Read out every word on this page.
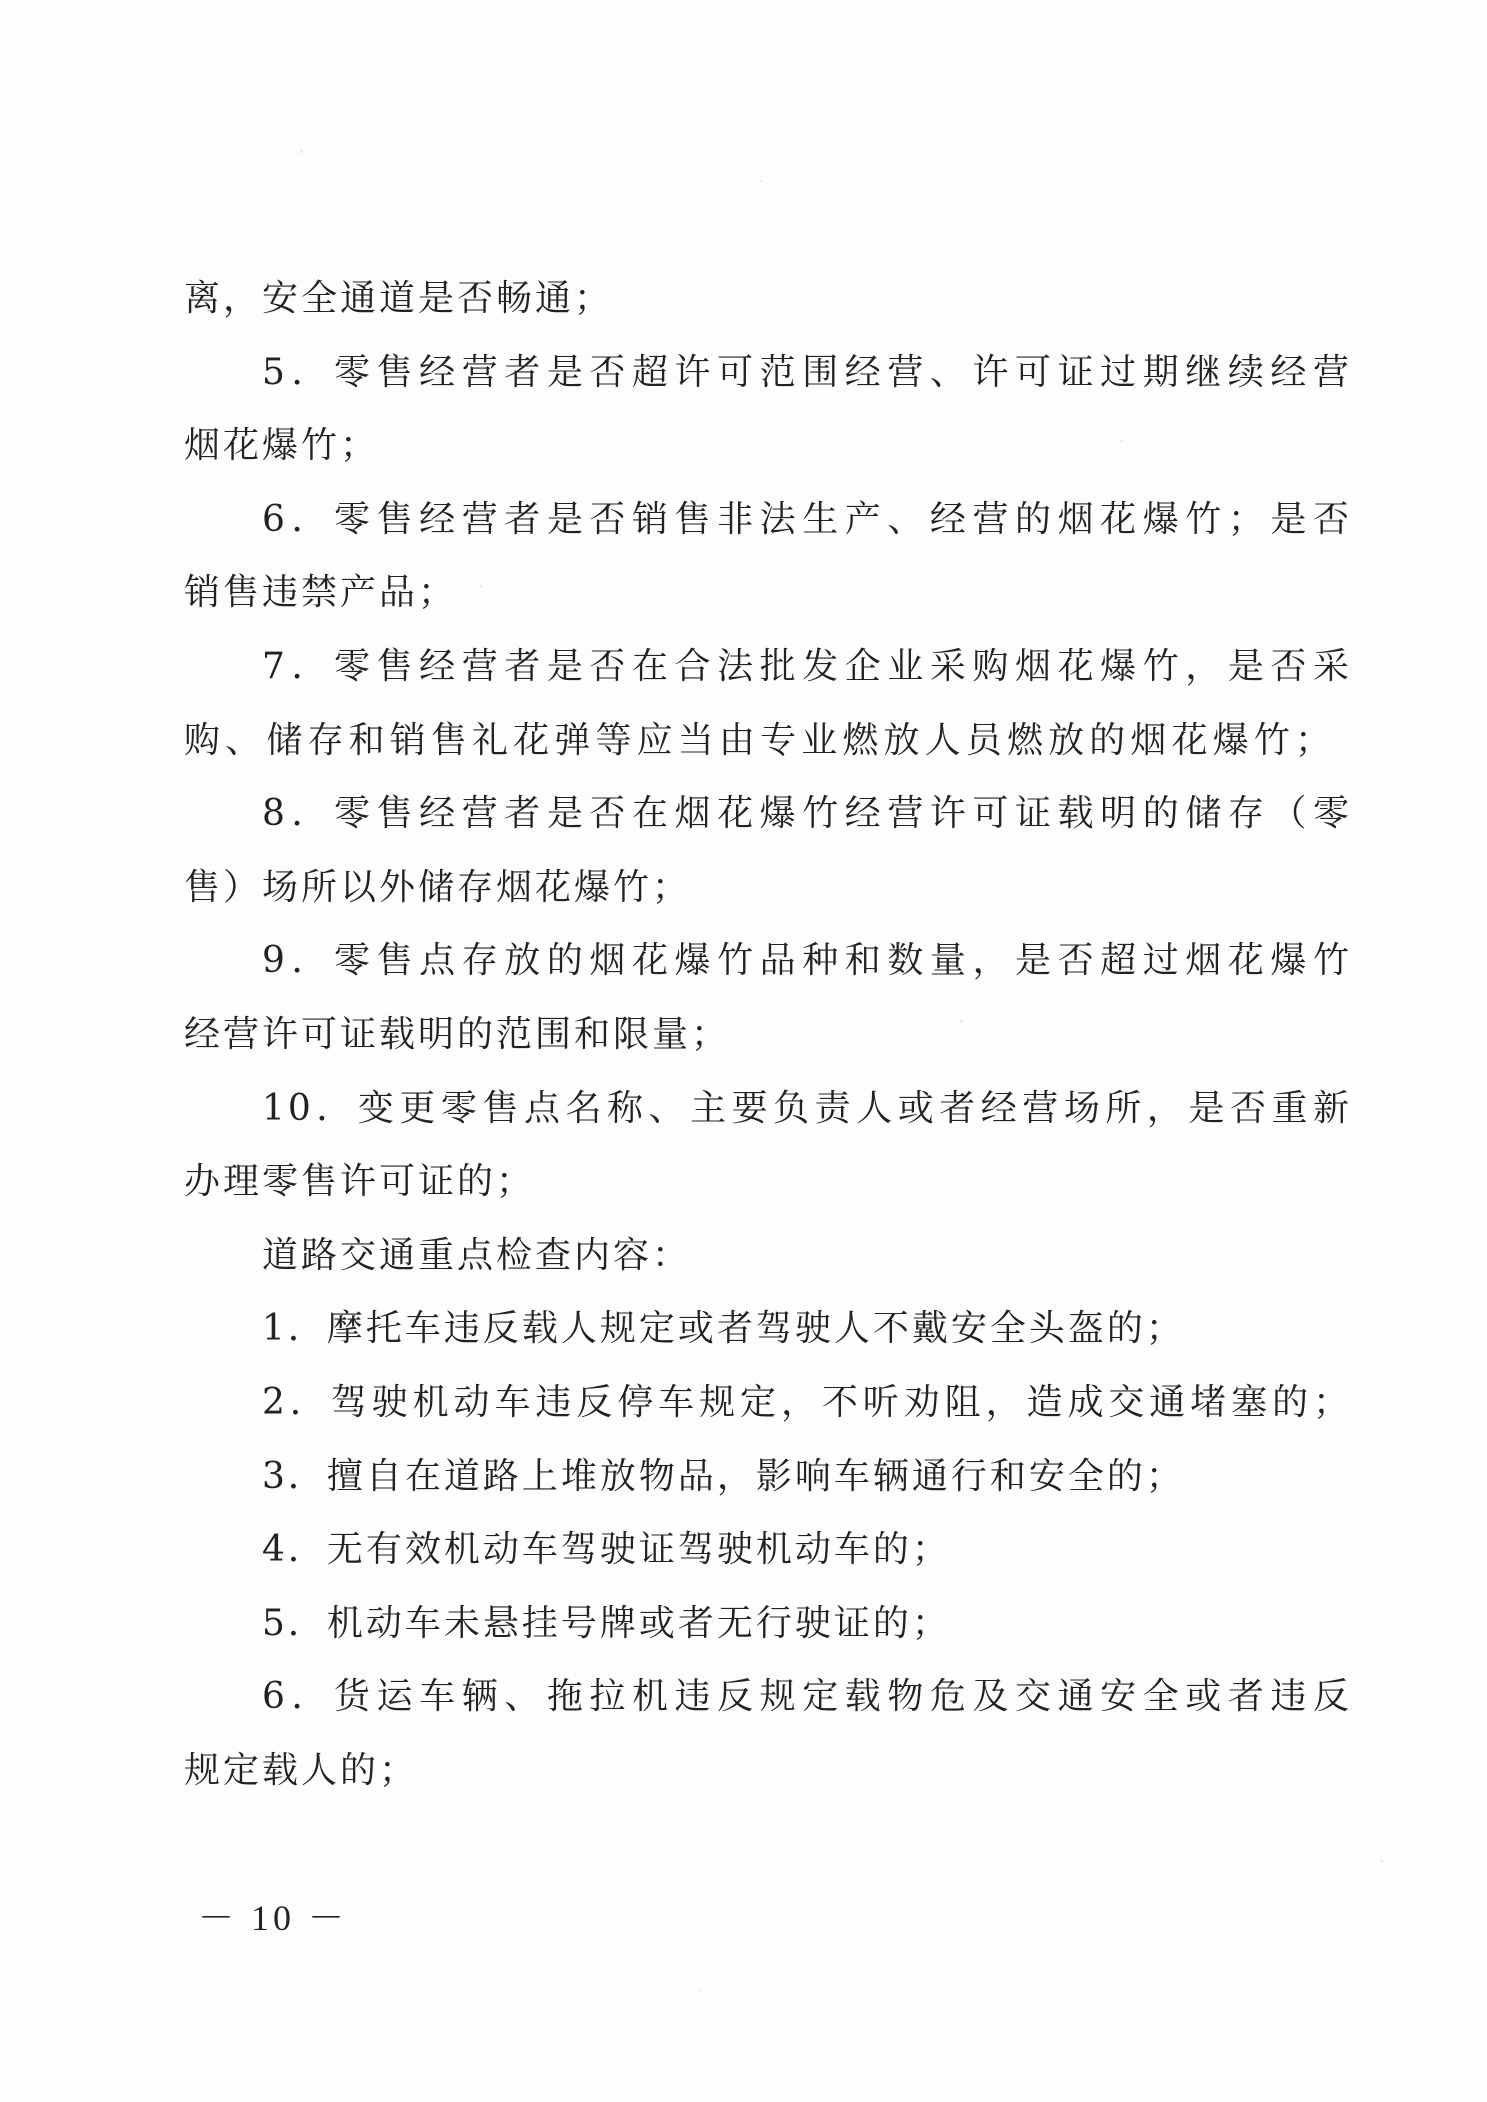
离，安全通道是否畅通；
5．零售经营者是否超许可范围经营、许可证过期继续经营
烟花爆竹；
6．零售经营者是否销售非法生产、经营的烟花爆竹；是否
销售违禁产品；
7．零售经营者是否在合法批发企业采购烟花爆竹，是否采
购、储存和销售礼花弹等应当由专业燃放人员燃放的烟花爆竹；
8．零售经营者是否在烟花爆竹经营许可证载明的储存（零
售）场所以外储存烟花爆竹；
9．零售点存放的烟花爆竹品种和数量，是否超过烟花爆竹
经营许可证载明的范围和限量；
10．变更零售点名称、主要负责人或者经营场所，是否重新
办理零售许可证的；
道路交通重点检查内容：
1．摩托车违反载人规定或者驾驶人不戴安全头盔的；
2．驾驶机动车违反停车规定，不听劝阻，造成交通堵塞的；
3．擅自在道路上堆放物品，影响车辆通行和安全的；
4．无有效机动车驾驶证驾驶机动车的；
5．机动车未悬挂号牌或者无行驶证的；
6．货运车辆、拖拉机违反规定载物危及交通安全或者违反
规定载人的；
－ 10 －
